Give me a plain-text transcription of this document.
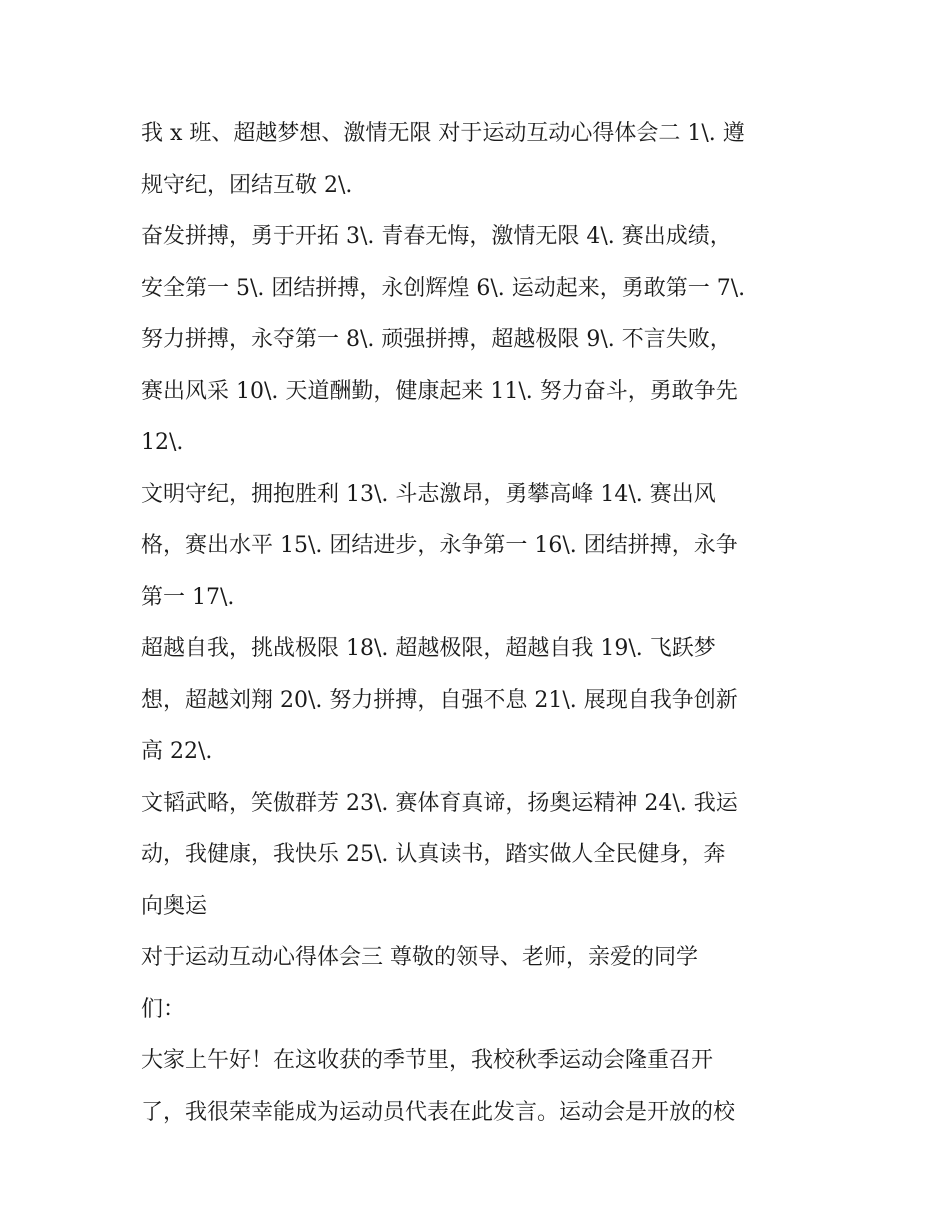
我 x 班、超越梦想、激情无限 对于运动互动心得体会二 1\. 遵
规守纪，团结互敬 2\.
奋发拼搏，勇于开拓 3\. 青春无悔，激情无限 4\. 赛出成绩，
安全第一 5\. 团结拼搏，永创辉煌 6\. 运动起来，勇敢第一 7\.
努力拼搏，永夺第一 8\. 顽强拼搏，超越极限 9\. 不言失败，
赛出风采 10\. 天道酬勤，健康起来 11\. 努力奋斗，勇敢争先
12\.
文明守纪，拥抱胜利 13\. 斗志激昂，勇攀高峰 14\. 赛出风
格，赛出水平 15\. 团结进步，永争第一 16\. 团结拼搏，永争
第一 17\.
超越自我，挑战极限 18\. 超越极限，超越自我 19\. 飞跃梦
想，超越刘翔 20\. 努力拼搏，自强不息 21\. 展现自我争创新
高 22\.
文韬武略，笑傲群芳 23\. 赛体育真谛，扬奥运精神 24\. 我运
动，我健康，我快乐 25\. 认真读书，踏实做人全民健身，奔
向奥运
对于运动互动心得体会三 尊敬的领导、老师，亲爱的同学
们：
大家上午好！在这收获的季节里，我校秋季运动会隆重召开
了，我很荣幸能成为运动员代表在此发言。运动会是开放的校
